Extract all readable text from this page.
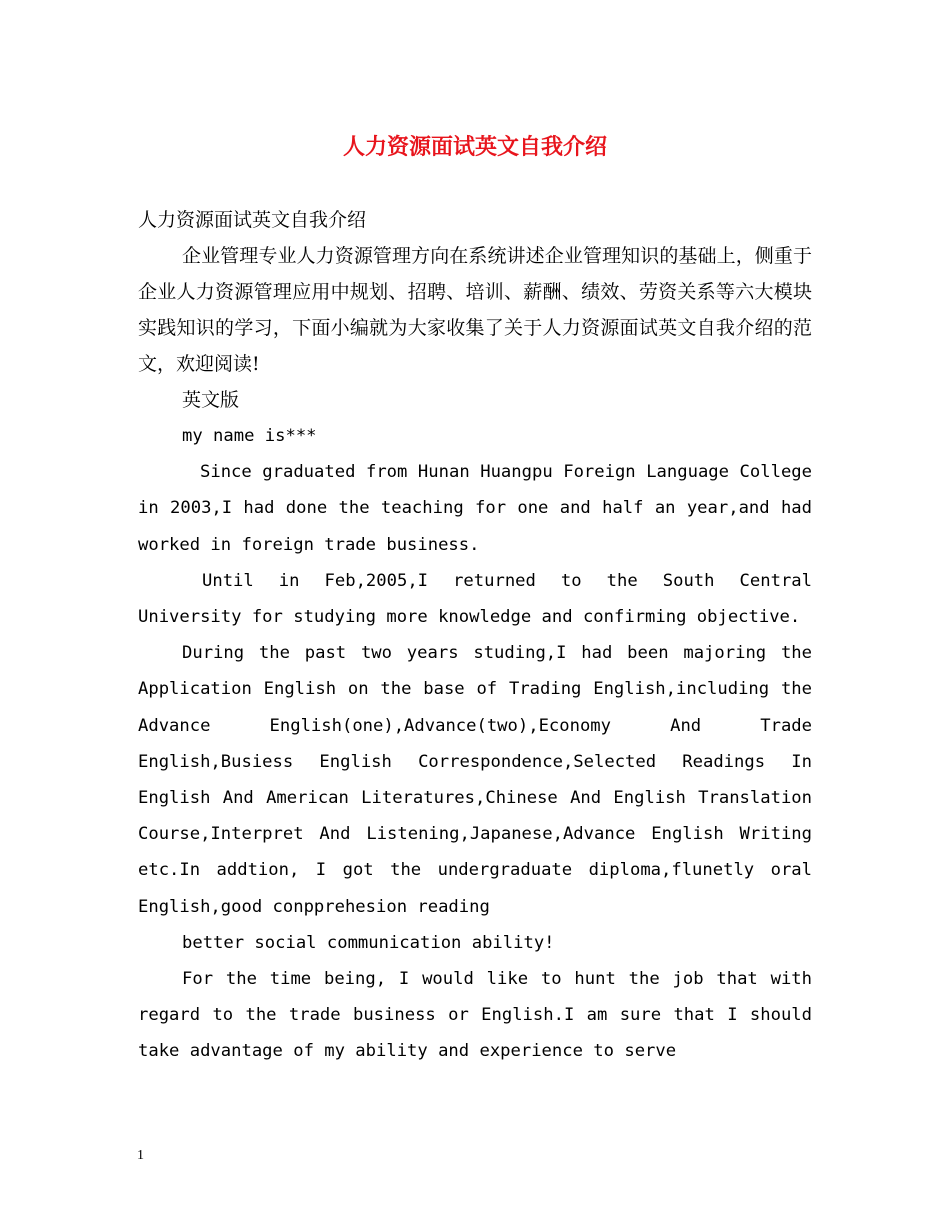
人力资源面试英文自我介绍

人力资源面试英文自我介绍

企业管理专业人力资源管理方向在系统讲述企业管理知识的基础上，侧重于企业人力资源管理应用中规划、招聘、培训、薪酬、绩效、劳资关系等六大模块实践知识的学习，下面小编就为大家收集了关于人力资源面试英文自我介绍的范文，欢迎阅读!

英文版

my name is***

Since graduated from Hunan Huangpu Foreign Language College in 2003,I had done the teaching for one and half an year,and had worked in foreign trade business.

Until in Feb,2005,I returned to the South Central University for studying more knowledge and confirming objective.

During the past two years studing,I had been majoring the Application English on the base of Trading English,including the Advance English(one),Advance(two),Economy And Trade English,Busiess English Correspondence,Selected Readings In English And American Literatures,Chinese And English Translation Course,Interpret And Listening,Japanese,Advance English Writing etc.In addtion, I got the undergraduate diploma,flunetly oral English,good conpprehesion reading

better social communication ability!

For the time being, I would like to hunt the job that with regard to the trade business or English.I am sure that I should take advantage of my ability and experience to serve

1
